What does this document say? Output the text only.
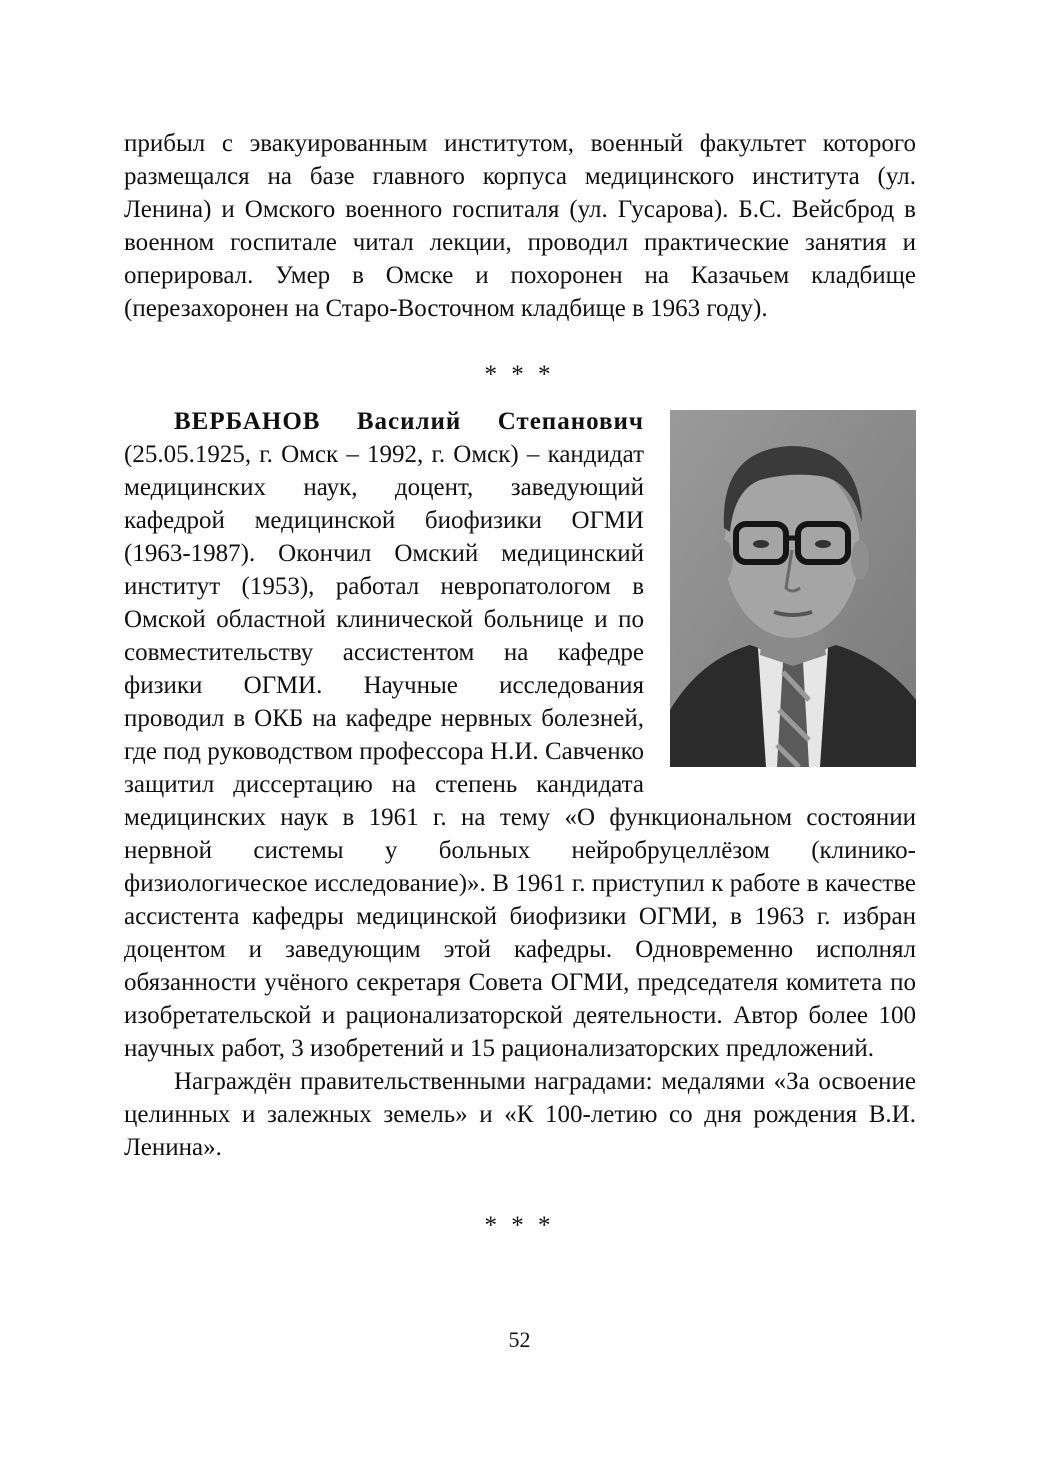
прибыл с эвакуированным институтом, военный факультет которого размещался на базе главного корпуса медицинского института (ул. Ленина) и Омского военного госпиталя (ул. Гусарова). Б.С. Вейсброд в военном госпитале читал лекции, проводил практические занятия и оперировал. Умер в Омске и похоронен на Казачьем кладбище (перезахоронен на Старо-Восточном кладбище в 1963 году).

* * *

ВЕРБАНОВ Василий Степанович (25.05.1925, г. Омск – 1992, г. Омск) – кандидат медицинских наук, доцент, заведующий кафедрой медицинской биофизики ОГМИ (1963-1987). Окончил Омский медицинский институт (1953), работал невропатологом в Омской областной клинической больнице и по совместительству ассистентом на кафедре физики ОГМИ. Научные исследования проводил в ОКБ на кафедре нервных болезней, где под руководством профессора Н.И. Савченко защитил диссертацию на степень кандидата медицинских наук в 1961 г. на тему «О функциональном состоянии нервной системы у больных нейробруцеллёзом (клинико-физиологическое исследование)». В 1961 г. приступил к работе в качестве ассистента кафедры медицинской биофизики ОГМИ, в 1963 г. избран доцентом и заведующим этой кафедры. Одновременно исполнял обязанности учёного секретаря Совета ОГМИ, председателя комитета по изобретательской и рационализаторской деятельности. Автор более 100 научных работ, 3 изобретений и 15 рационализаторских предложений.

Награждён правительственными наградами: медалями «За освоение целинных и залежных земель» и «К 100-летию со дня рождения В.И. Ленина».

* * *
52
